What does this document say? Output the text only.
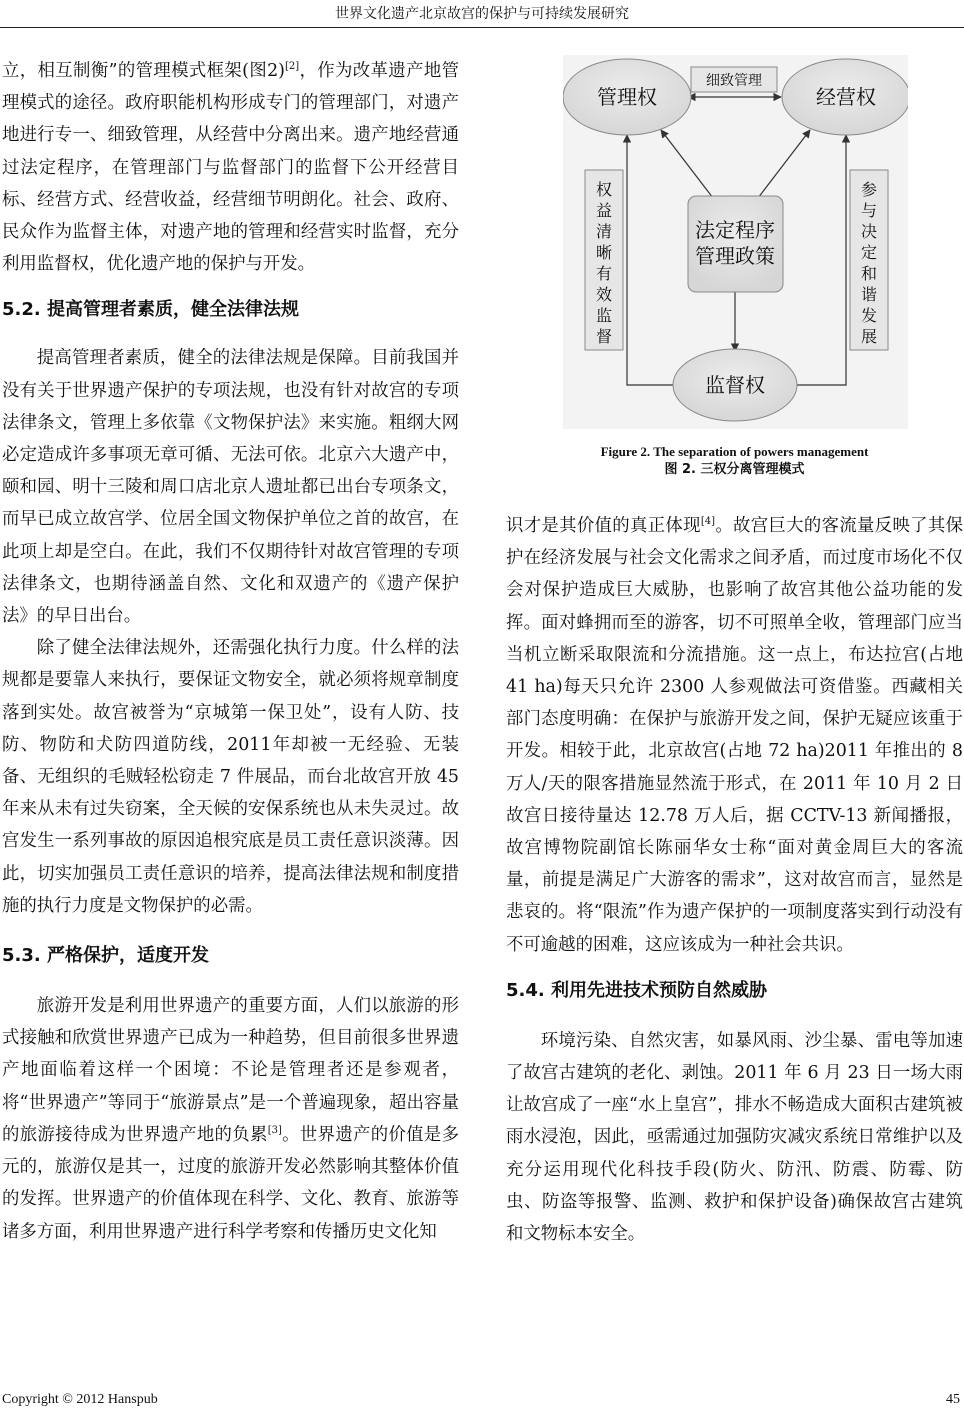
世界文化遗产北京故宫的保护与可持续发展研究

立，相互制衡”的管理模式框架(图2)[2]，作为改革遗产地管理模式的途径。政府职能机构形成专门的管理部门，对遗产地进行专一、细致管理，从经营中分离出来。遗产地经营通过法定程序，在管理部门与监督部门的监督下公开经营目标、经营方式、经营收益，经营细节明朗化。社会、政府、民众作为监督主体，对遗产地的管理和经营实时监督，充分利用监督权，优化遗产地的保护与开发。

5.2. 提高管理者素质，健全法律法规

提高管理者素质，健全的法律法规是保障。目前我国并没有关于世界遗产保护的专项法规，也没有针对故宫的专项法律条文，管理上多依靠《文物保护法》来实施。粗纲大网必定造成许多事项无章可循、无法可依。北京六大遗产中，颐和园、明十三陵和周口店北京人遗址都已出台专项条文，而早已成立故宫学、位居全国文物保护单位之首的故宫，在此项上却是空白。在此，我们不仅期待针对故宫管理的专项法律条文，也期待涵盖自然、文化和双遗产的《遗产保护法》的早日出台。

除了健全法律法规外，还需强化执行力度。什么样的法规都是要靠人来执行，要保证文物安全，就必须将规章制度落到实处。故宫被誉为“京城第一保卫处”，设有人防、技防、物防和犬防四道防线，2011年却被一无经验、无装备、无组织的毛贼轻松窃走 7 件展品，而台北故宫开放 45 年来从未有过失窃案，全天候的安保系统也从未失灵过。故宫发生一系列事故的原因追根究底是员工责任意识淡薄。因此，切实加强员工责任意识的培养，提高法律法规和制度措施的执行力度是文物保护的必需。

5.3. 严格保护，适度开发

旅游开发是利用世界遗产的重要方面，人们以旅游的形式接触和欣赏世界遗产已成为一种趋势，但目前很多世界遗产地面临着这样一个困境：不论是管理者还是参观者，将“世界遗产”等同于“旅游景点”是一个普遍现象，超出容量的旅游接待成为世界遗产地的负累[3]。世界遗产的价值是多元的，旅游仅是其一，过度的旅游开发必然影响其整体价值的发挥。世界遗产的价值体现在科学、文化、教育、旅游等诸多方面，利用世界遗产进行科学考察和传播历史文化知

管理权	经营权
监督权
法定程序
管理政策
细致管理
权
益
清
晰
有
效
监
督
参
与
决
定
和
谐
发
展
Figure 2. The separation of powers management
图 2. 三权分离管理模式

识才是其价值的真正体现[4]。故宫巨大的客流量反映了其保护在经济发展与社会文化需求之间矛盾，而过度市场化不仅会对保护造成巨大威胁，也影响了故宫其他公益功能的发挥。面对蜂拥而至的游客，切不可照单全收，管理部门应当当机立断采取限流和分流措施。这一点上，布达拉宫(占地 41 ha)每天只允许 2300 人参观做法可资借鉴。西藏相关部门态度明确：在保护与旅游开发之间，保护无疑应该重于开发。相较于此，北京故宫(占地 72 ha)2011 年推出的 8 万人/天的限客措施显然流于形式，在 2011 年 10 月 2 日故宫日接待量达 12.78 万人后，据 CCTV-13 新闻播报，故宫博物院副馆长陈丽华女士称“面对黄金周巨大的客流量，前提是满足广大游客的需求”，这对故宫而言，显然是悲哀的。将“限流”作为遗产保护的一项制度落实到行动没有不可逾越的困难，这应该成为一种社会共识。

5.4. 利用先进技术预防自然威胁

环境污染、自然灾害，如暴风雨、沙尘暴、雷电等加速了故宫古建筑的老化、剥蚀。2011 年 6 月 23 日一场大雨让故宫成了一座“水上皇宫”，排水不畅造成大面积古建筑被雨水浸泡，因此，亟需通过加强防灾减灾系统日常维护以及充分运用现代化科技手段(防火、防汛、防震、防霉、防虫、防盗等报警、监测、救护和保护设备)确保故宫古建筑和文物标本安全。

Copyright © 2012 Hanspub	45
